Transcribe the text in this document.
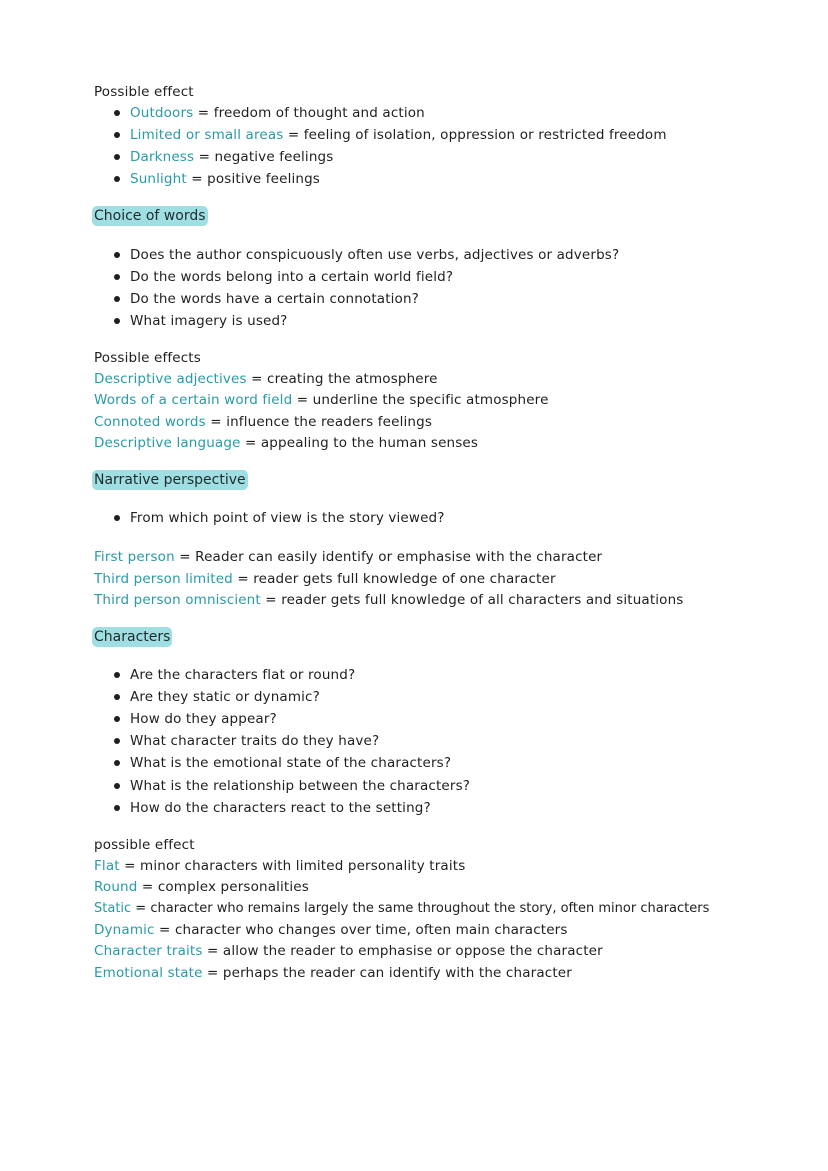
Possible effect
Outdoors = freedom of thought and action
Limited or small areas = feeling of isolation, oppression or restricted freedom
Darkness = negative feelings
Sunlight = positive feelings
Choice of words
Does the author conspicuously often use verbs, adjectives or adverbs?
Do the words belong into a certain world field?
Do the words have a certain connotation?
What imagery is used?
Possible effects
Descriptive adjectives = creating the atmosphere
Words of a certain word field = underline the specific atmosphere
Connoted words = influence the readers feelings
Descriptive language = appealing to the human senses
Narrative perspective
From which point of view is the story viewed?
First person = Reader can easily identify or emphasise with the character
Third person limited = reader gets full knowledge of one character
Third person omniscient = reader gets full knowledge of all characters and situations
Characters
Are the characters flat or round?
Are they static or dynamic?
How do they appear?
What character traits do they have?
What is the emotional state of the characters?
What is the relationship between the characters?
How do the characters react to the setting?
possible effect
Flat = minor characters with limited personality traits
Round = complex personalities
Static = character who remains largely the same throughout the story, often minor characters
Dynamic = character who changes over time, often main characters
Character traits = allow the reader to emphasise or oppose the character
Emotional state = perhaps the reader can identify with the character
